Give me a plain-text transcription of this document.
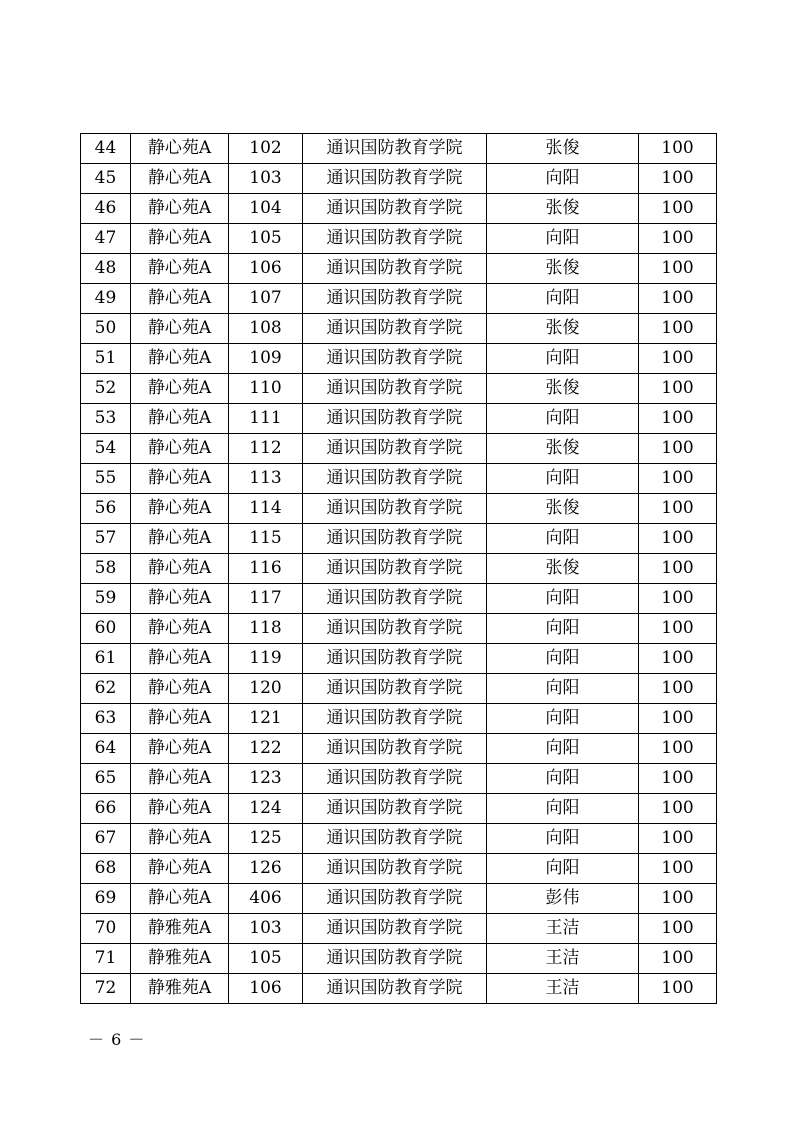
44	静心苑A	102	通识国防教育学院	张俊	100
45	静心苑A	103	通识国防教育学院	向阳	100
46	静心苑A	104	通识国防教育学院	张俊	100
47	静心苑A	105	通识国防教育学院	向阳	100
48	静心苑A	106	通识国防教育学院	张俊	100
49	静心苑A	107	通识国防教育学院	向阳	100
50	静心苑A	108	通识国防教育学院	张俊	100
51	静心苑A	109	通识国防教育学院	向阳	100
52	静心苑A	110	通识国防教育学院	张俊	100
53	静心苑A	111	通识国防教育学院	向阳	100
54	静心苑A	112	通识国防教育学院	张俊	100
55	静心苑A	113	通识国防教育学院	向阳	100
56	静心苑A	114	通识国防教育学院	张俊	100
57	静心苑A	115	通识国防教育学院	向阳	100
58	静心苑A	116	通识国防教育学院	张俊	100
59	静心苑A	117	通识国防教育学院	向阳	100
60	静心苑A	118	通识国防教育学院	向阳	100
61	静心苑A	119	通识国防教育学院	向阳	100
62	静心苑A	120	通识国防教育学院	向阳	100
63	静心苑A	121	通识国防教育学院	向阳	100
64	静心苑A	122	通识国防教育学院	向阳	100
65	静心苑A	123	通识国防教育学院	向阳	100
66	静心苑A	124	通识国防教育学院	向阳	100
67	静心苑A	125	通识国防教育学院	向阳	100
68	静心苑A	126	通识国防教育学院	向阳	100
69	静心苑A	406	通识国防教育学院	彭伟	100
70	静雅苑A	103	通识国防教育学院	王洁	100
71	静雅苑A	105	通识国防教育学院	王洁	100
72	静雅苑A	106	通识国防教育学院	王洁	100
－ 6 －
